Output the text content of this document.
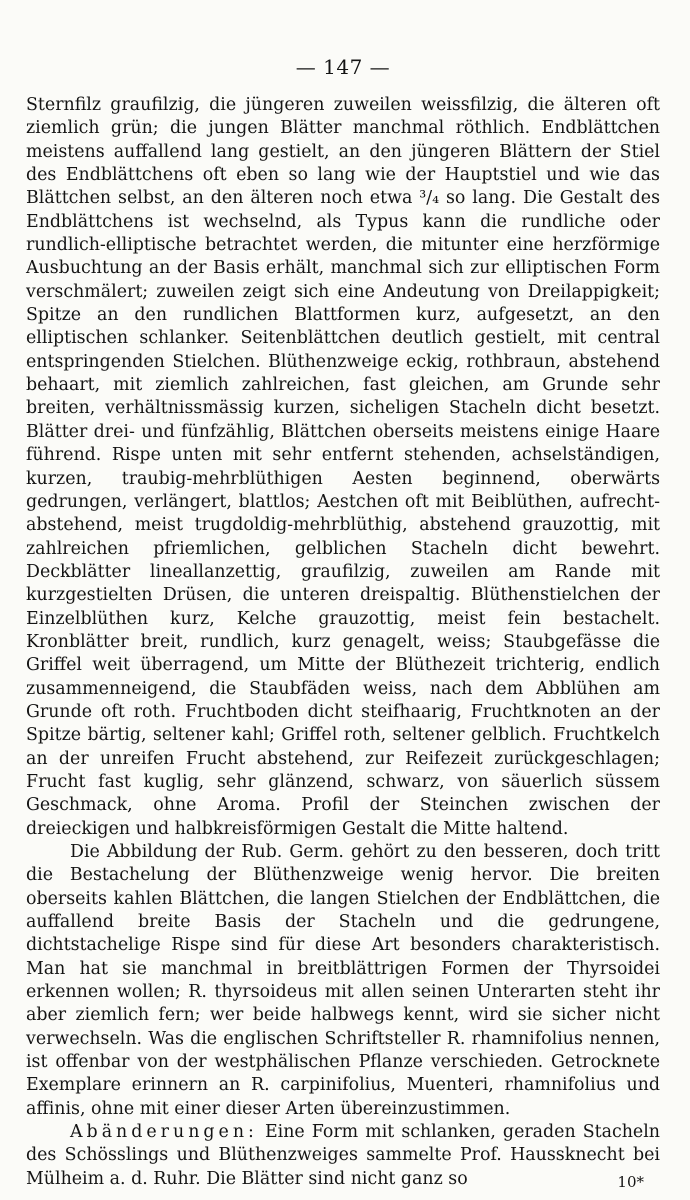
— 147 —

Sternfilz graufilzig, die jüngeren zuweilen weissfilzig, die älteren oft ziemlich grün; die jungen Blätter manchmal röthlich. Endblättchen meistens auffallend lang gestielt, an den jüngeren Blättern der Stiel des Endblättchens oft eben so lang wie der Hauptstiel und wie das Blättchen selbst, an den älteren noch etwa ³/₄ so lang. Die Gestalt des Endblättchens ist wechselnd, als Typus kann die rundliche oder rundlich-elliptische betrachtet werden, die mitunter eine herzförmige Ausbuchtung an der Basis erhält, manchmal sich zur elliptischen Form verschmälert; zuweilen zeigt sich eine Andeutung von Dreilappigkeit; Spitze an den rundlichen Blattformen kurz, aufgesetzt, an den elliptischen schlanker. Seitenblättchen deutlich gestielt, mit central entspringenden Stielchen. Blüthenzweige eckig, rothbraun, abstehend behaart, mit ziemlich zahlreichen, fast gleichen, am Grunde sehr breiten, verhältnissmässig kurzen, sicheligen Stacheln dicht besetzt. Blätter drei- und fünfzählig, Blättchen oberseits meistens einige Haare führend. Rispe unten mit sehr entfernt stehenden, achselständigen, kurzen, traubig-mehrblüthigen Aesten beginnend, oberwärts gedrungen, verlängert, blattlos; Aestchen oft mit Beiblüthen, aufrecht-abstehend, meist trugdoldig-mehrblüthig, abstehend grauzottig, mit zahlreichen pfriemlichen, gelblichen Stacheln dicht bewehrt. Deckblätter lineallanzettig, graufilzig, zuweilen am Rande mit kurzgestielten Drüsen, die unteren dreispaltig. Blüthenstielchen der Einzelblüthen kurz, Kelche grauzottig, meist fein bestachelt. Kronblätter breit, rundlich, kurz genagelt, weiss; Staubgefässe die Griffel weit überragend, um Mitte der Blüthezeit trichterig, endlich zusammenneigend, die Staubfäden weiss, nach dem Abblühen am Grunde oft roth. Fruchtboden dicht steifhaarig, Fruchtknoten an der Spitze bärtig, seltener kahl; Griffel roth, seltener gelblich. Fruchtkelch an der unreifen Frucht abstehend, zur Reifezeit zurückgeschlagen; Frucht fast kuglig, sehr glänzend, schwarz, von säuerlich süssem Geschmack, ohne Aroma. Profil der Steinchen zwischen der dreieckigen und halbkreisförmigen Gestalt die Mitte haltend.

Die Abbildung der Rub. Germ. gehört zu den besseren, doch tritt die Bestachelung der Blüthenzweige wenig hervor. Die breiten oberseits kahlen Blättchen, die langen Stielchen der Endblättchen, die auffallend breite Basis der Stacheln und die gedrungene, dichtstachelige Rispe sind für diese Art besonders charakteristisch. Man hat sie manchmal in breitblättrigen Formen der Thyrsoidei erkennen wollen; R. thyrsoideus mit allen seinen Unterarten steht ihr aber ziemlich fern; wer beide halbwegs kennt, wird sie sicher nicht verwechseln. Was die englischen Schriftsteller R. rhamnifolius nennen, ist offenbar von der westphälischen Pflanze verschieden. Getrocknete Exemplare erinnern an R. carpinifolius, Muenteri, rhamnifolius und affinis, ohne mit einer dieser Arten übereinzustimmen.

Abänderungen: Eine Form mit schlanken, geraden Stacheln des Schösslings und Blüthenzweiges sammelte Prof. Haussknecht bei Mülheim a. d. Ruhr. Die Blätter sind nicht ganz so	10*
